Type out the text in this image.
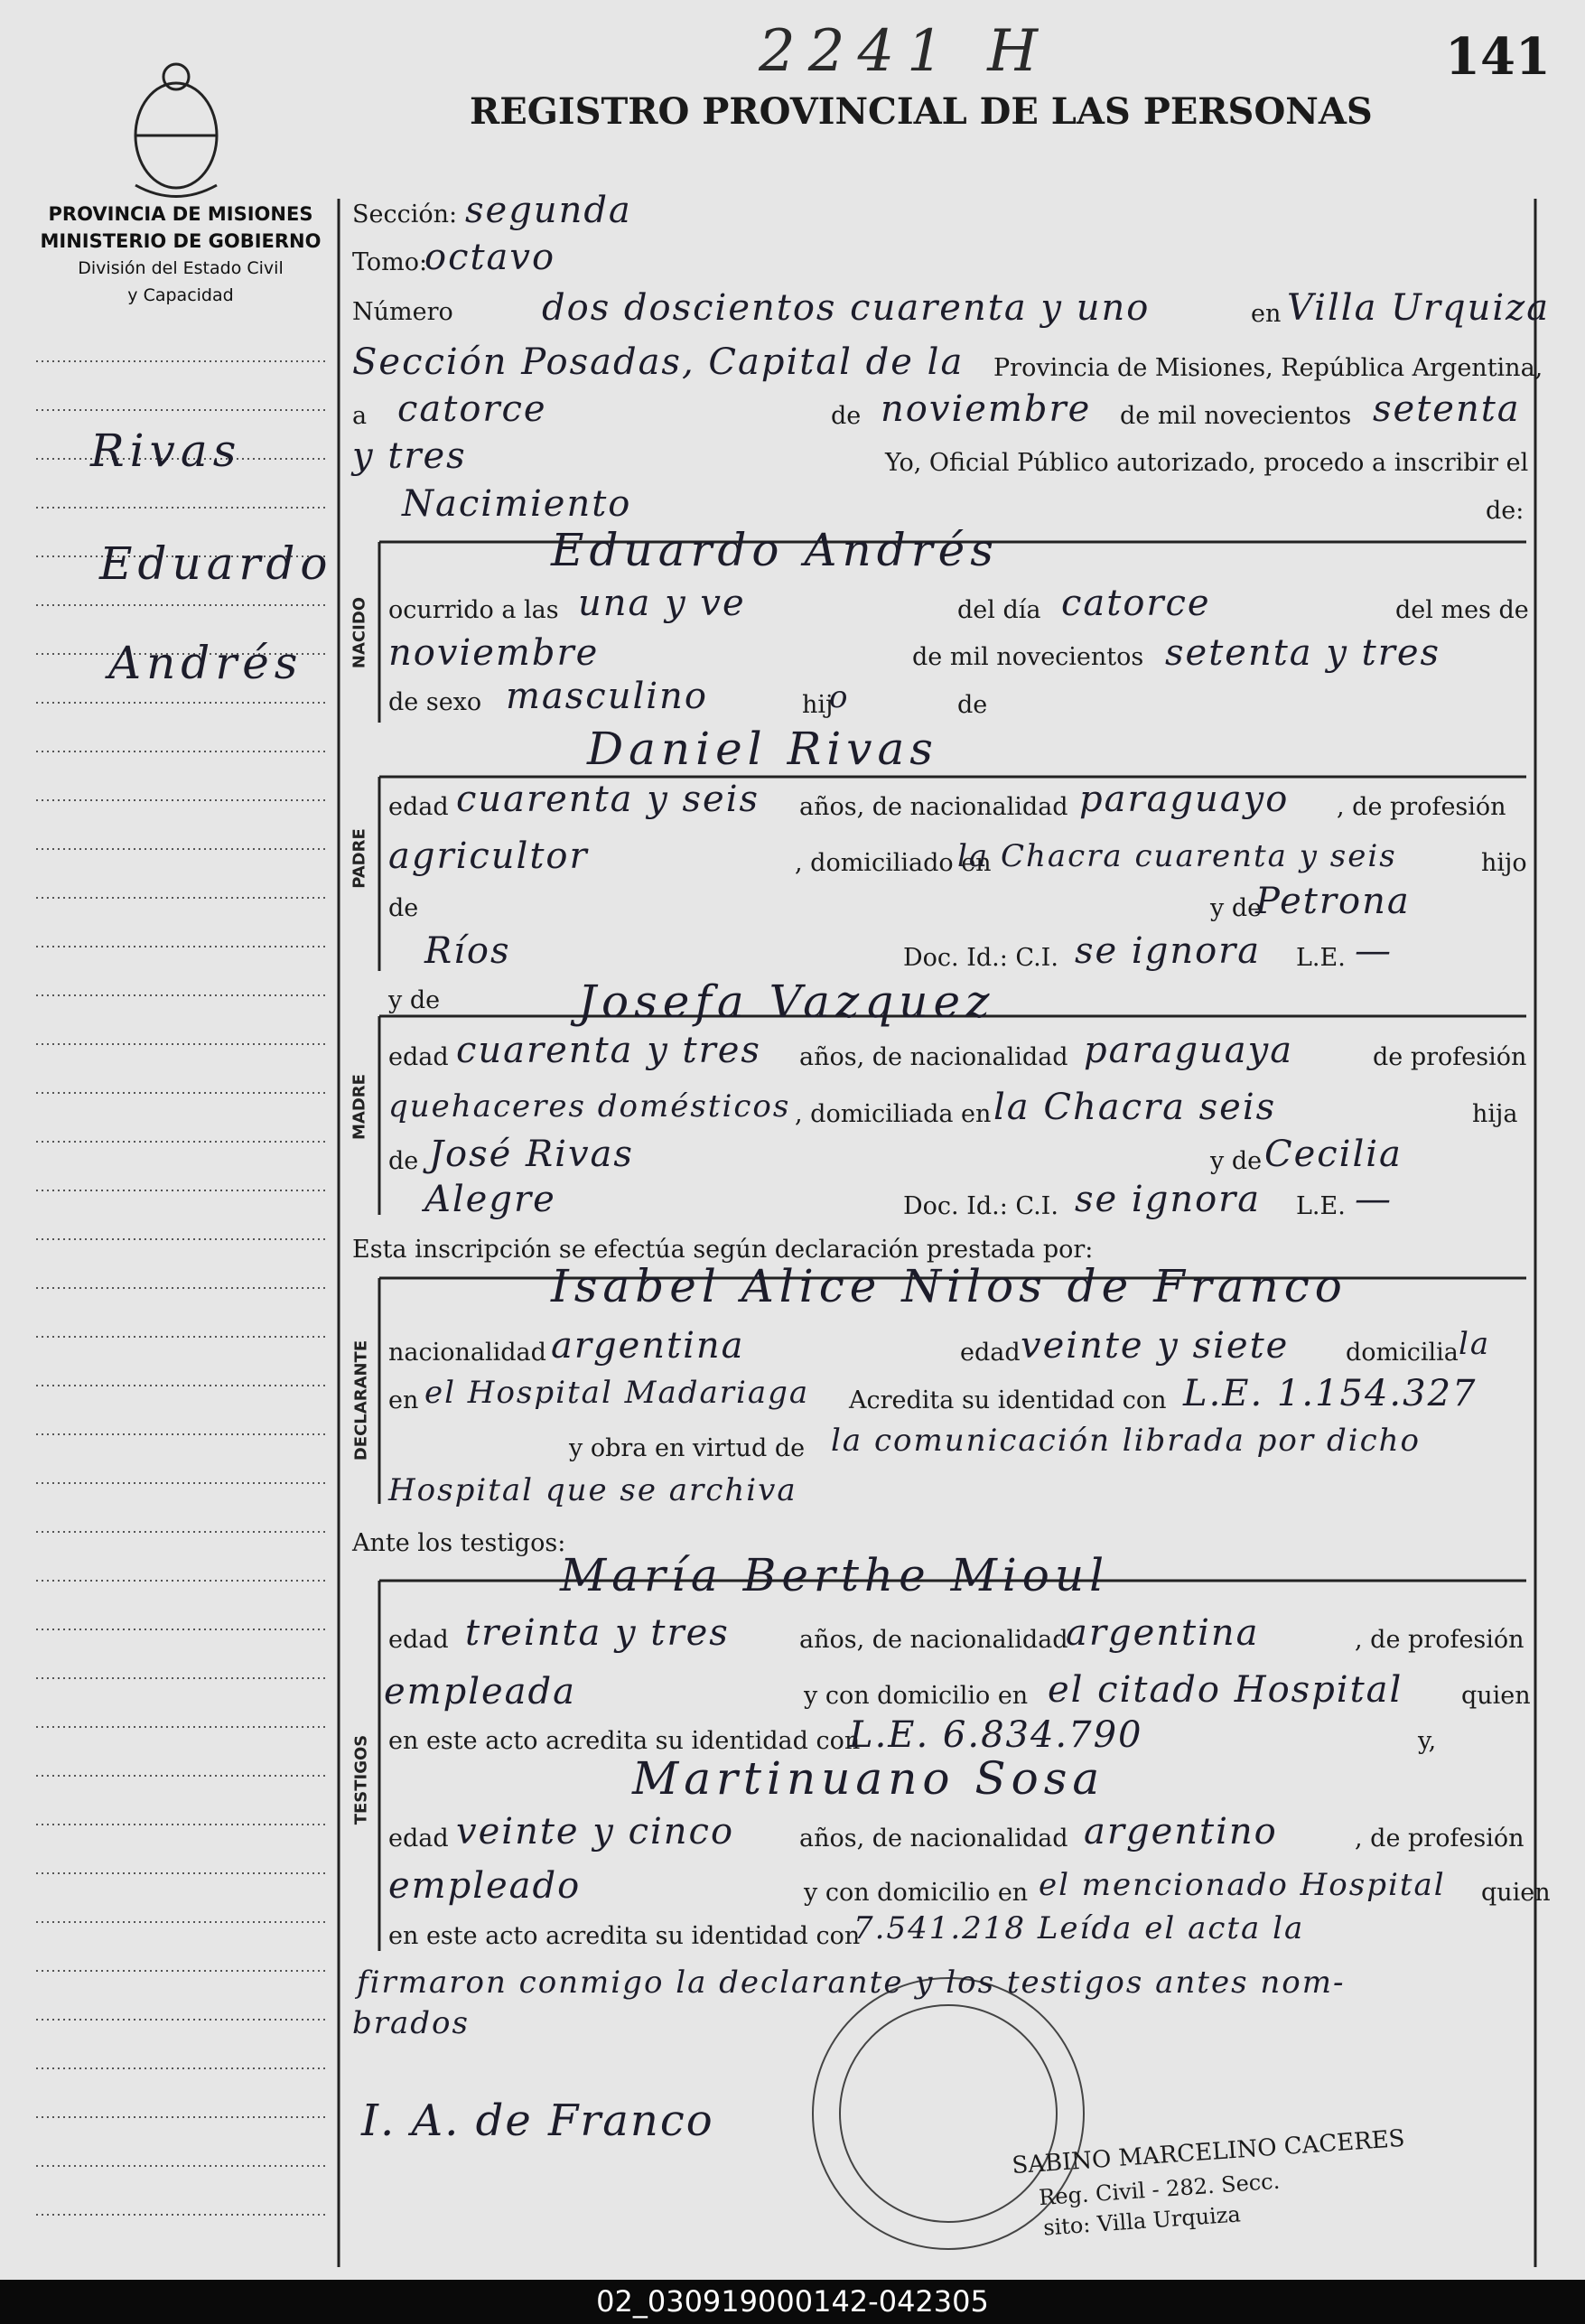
2241 H	141
REGISTRO PROVINCIAL DE LAS PERSONAS
PROVINCIA DE MISIONES
MINISTERIO DE GOBIERNO
División del Estado Civil
y Capacidad
Rivas
Eduardo
Andrés	NACIDO
PADRE
MADRE
DECLARANTE
TESTIGOS
Sección: segunda
Tomo:
octavo
Número dos doscientos cuarenta y uno	en Villa Urquiza
Sección Posadas, Capital de la Provincia de Misiones, República Argentina,
a catorce	de noviembre de mil novecientos setenta
y tres	Yo, Oficial Público autorizado, procedo a inscribir el
Nacimiento	de:
Eduardo Andrés
ocurrido a las una y ve	del día catorce	del mes de
noviembre	de mil novecientos setenta y tres
de sexo masculino	hij
o	de
Daniel Rivas
edad cuarenta y seis años, de nacionalidad paraguayo , de profesión
agricultor	, domiciliado en
la Chacra cuarenta y seis	hijo
de	y de
Petrona
Ríos	Doc. Id.: C.I. se ignora L.E. —
y de	Josefa Vazquez
edad cuarenta y tres años, de nacionalidad paraguaya	de profesión
quehaceres domésticos , domiciliada en la Chacra seis	hija
de José Rivas	y de Cecilia
Alegre	Doc. Id.: C.I. se ignora L.E. —
Esta inscripción se efectúa según declaración prestada por:
Isabel Alice Nilos de Franco
nacionalidad argentina	edad veinte y siete domicilia la
en el Hospital Madariaga Acredita su identidad con L.E. 1.154.327
y obra en virtud de la comunicación librada por dicho
Hospital que se archiva
Ante los testigos:
María Berthe Mioul
edad treinta y tres	años, de nacionalidad
argentina	, de profesión
empleada	y con domicilio en el citado Hospital quien
en este acto acredita su identidad con
L.E. 6.834.790	y,
Martinuano Sosa
edad veinte y cinco	años, de nacionalidad argentino	, de profesión
empleado	y con domicilio en el mencionado Hospital quien
en este acto acredita su identidad con
7.541.218 Leída el acta la
firmaron conmigo la declarante y los testigos antes nom-
brados
I. A. de Franco
SABINO MARCELINO CACERES
Reg. Civil - 282. Secc.
sito: Villa Urquiza
02_030919000142-042305
